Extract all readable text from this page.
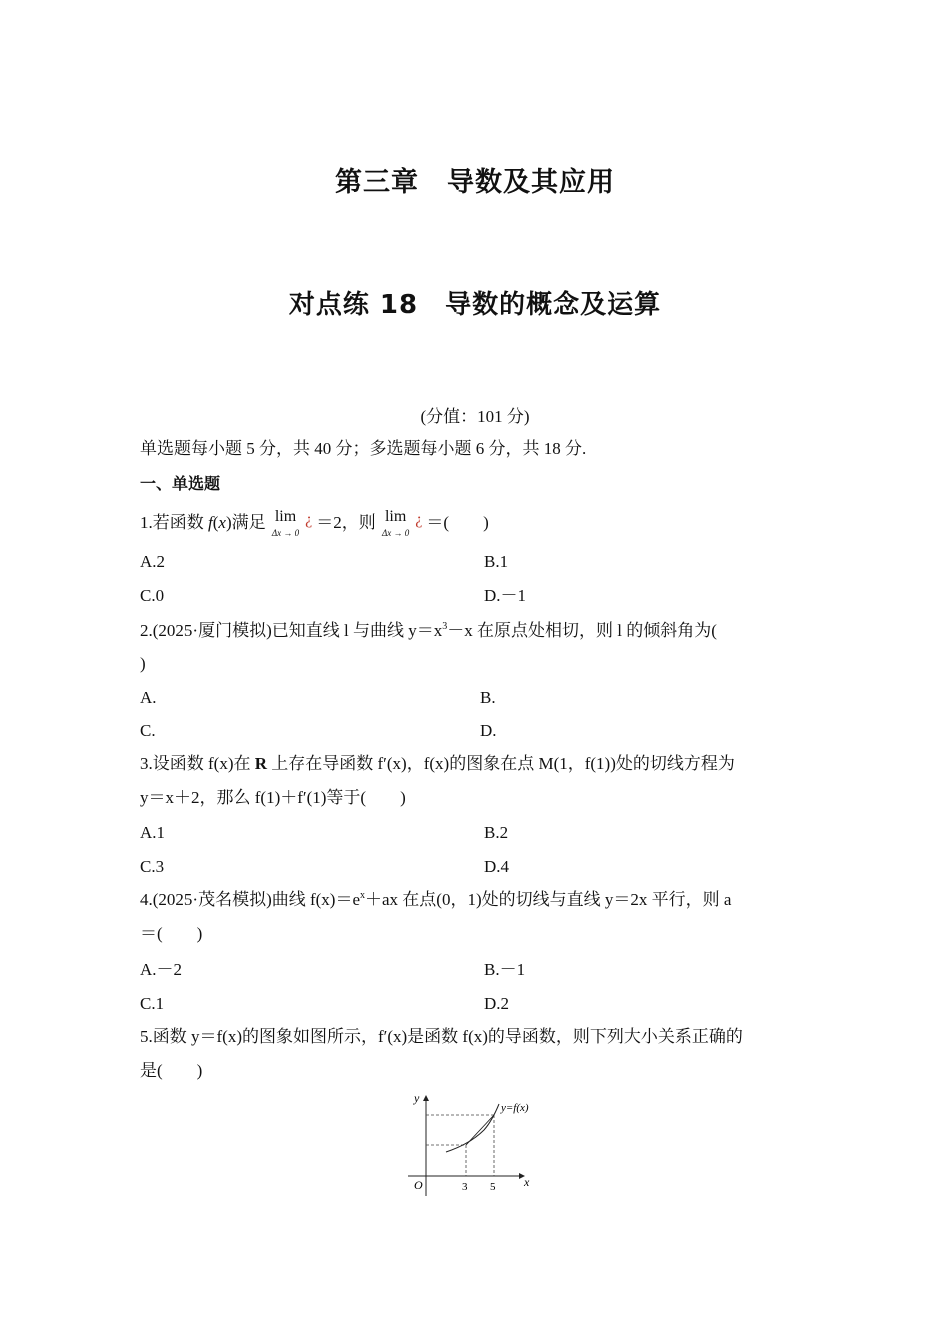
第三章　导数及其应用
对点练 18　导数的概念及运算
(分值：101 分)
单选题每小题 5 分，共 40 分；多选题每小题 6 分，共 18 分.
一、单选题
1.若函数 f(x)满足 lim
Δx → 0¿ ＝2，则 lim
Δx → 0¿ ＝(　　)
A.2	B.1
C.0	D.－1
2.(2025·厦门模拟)已知直线 l 与曲线 $y=x^3-x$ 在原点处相切，则 l 的倾斜角为(
)
A.	B.
C.	D.
3.设函数 f(x)在 R 上存在导函数 f′(x)，f(x)的图象在点 M(1，f(1))处的切线方程为
y＝x＋2，那么 f(1)＋f′(1)等于(　　)
A.1	B.2
C.3	D.4
4.(2025·茂名模拟)曲线 $f(x)=e^x+ax$ 在点(0，1)处的切线与直线 y＝2x 平行，则 a
＝(　　)
A.－2	B.－1
C.1	D.2
5.函数 y＝f(x)的图象如图所示，f′(x)是函数 f(x)的导函数，则下列大小关系正确的
是(　　)
y
x
O	3 5
y=f(x)
